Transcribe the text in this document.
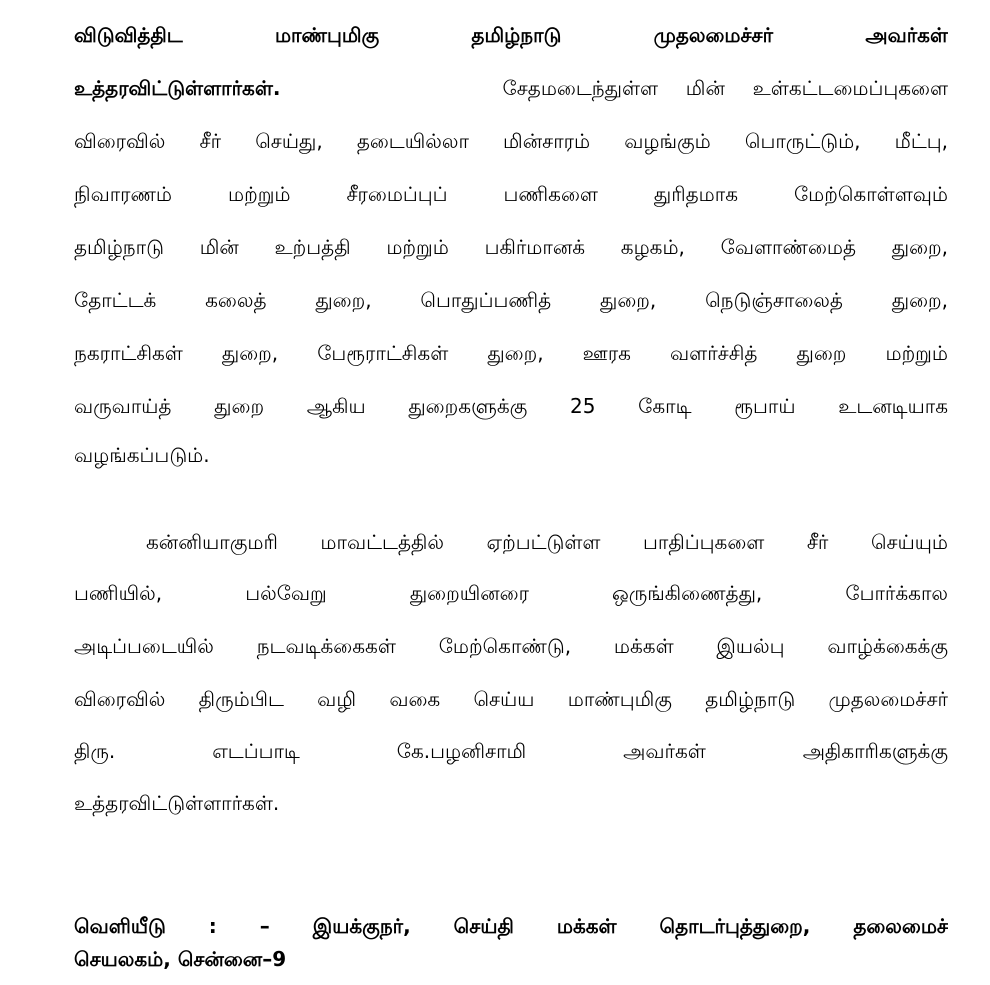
விடுவித்திட மாண்புமிகு தமிழ்நாடு முதலமைச்சர் அவர்கள்
உத்தரவிட்டுள்ளார்கள்.	சேதமடைந்துள்ள மின் உள்கட்டமைப்புகளை
விரைவில் சீர் செய்து, தடையில்லா மின்சாரம் வழங்கும் பொருட்டும், மீட்பு,
நிவாரணம் மற்றும் சீரமைப்புப் பணிகளை துரிதமாக மேற்கொள்ளவும்
தமிழ்நாடு மின் உற்பத்தி மற்றும் பகிர்மானக் கழகம், வேளாண்மைத் துறை,
தோட்டக் கலைத் துறை, பொதுப்பணித் துறை, நெடுஞ்சாலைத் துறை,
நகராட்சிகள் துறை, பேரூராட்சிகள் துறை, ஊரக வளர்ச்சித் துறை மற்றும்
வருவாய்த் துறை ஆகிய துறைகளுக்கு 25 கோடி ரூபாய் உடனடியாக
வழங்கப்படும்.
கன்னியாகுமரி மாவட்டத்தில் ஏற்பட்டுள்ள பாதிப்புகளை சீர் செய்யும்
பணியில், பல்வேறு துறையினரை ஒருங்கிணைத்து, போர்க்கால
அடிப்படையில் நடவடிக்கைகள் மேற்கொண்டு, மக்கள் இயல்பு வாழ்க்கைக்கு
விரைவில் திரும்பிட வழி வகை செய்ய மாண்புமிகு தமிழ்நாடு முதலமைச்சர்
திரு. எடப்பாடி கே.பழனிசாமி அவர்கள் அதிகாரிகளுக்கு
உத்தரவிட்டுள்ளார்கள்.
வெளியீடு : – இயக்குநர், செய்தி மக்கள் தொடர்புத்துறை, தலைமைச்
செயலகம், சென்னை–9
